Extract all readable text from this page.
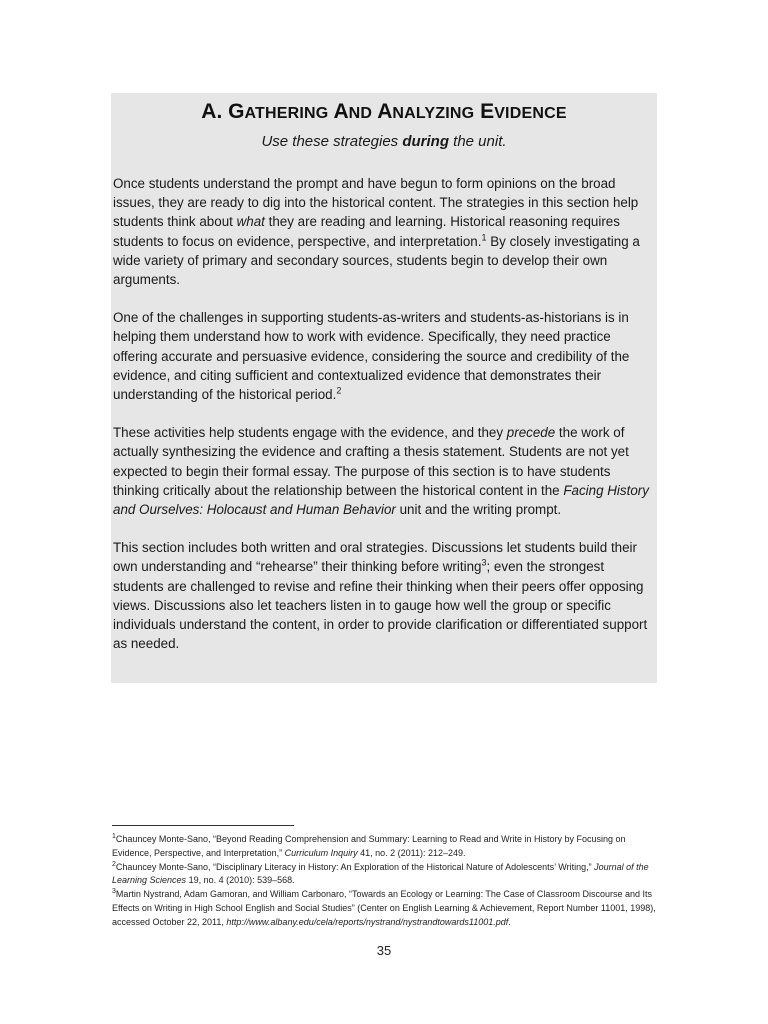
A. GATHERING AND ANALYZING EVIDENCE

Use these strategies during the unit.

Once students understand the prompt and have begun to form opinions on the broad issues, they are ready to dig into the historical content. The strategies in this section help students think about what they are reading and learning. Historical reasoning requires students to focus on evidence, perspective, and interpretation.$^1$ By closely investigating a wide variety of primary and secondary sources, students begin to develop their own arguments.

One of the challenges in supporting students-as-writers and students-as-historians is in helping them understand how to work with evidence. Specifically, they need practice offering accurate and persuasive evidence, considering the source and credibility of the evidence, and citing sufficient and contextualized evidence that demonstrates their understanding of the historical period.$^2$

These activities help students engage with the evidence, and they precede the work of actually synthesizing the evidence and crafting a thesis statement. Students are not yet expected to begin their formal essay. The purpose of this section is to have students thinking critically about the relationship between the historical content in the Facing History and Ourselves: Holocaust and Human Behavior unit and the writing prompt.

This section includes both written and oral strategies. Discussions let students build their own understanding and “rehearse” their thinking before writing$^3$; even the strongest students are challenged to revise and refine their thinking when their peers offer opposing views. Discussions also let teachers listen in to gauge how well the group or specific individuals understand the content, in order to provide clarification or differentiated support as needed.

$^1$Chauncey Monte-Sano, “Beyond Reading Comprehension and Summary: Learning to Read and Write in History by Focusing on Evidence, Perspective, and Interpretation,” Curriculum Inquiry 41, no. 2 (2011): 212–249.

$^2$Chauncey Monte-Sano, “Disciplinary Literacy in History: An Exploration of the Historical Nature of Adolescents’ Writing,” Journal of the Learning Sciences 19, no. 4 (2010): 539–568.

$^3$Martin Nystrand, Adam Gamoran, and William Carbonaro, “Towards an Ecology or Learning: The Case of Classroom Discourse and Its Effects on Writing in High School English and Social Studies” (Center on English Learning & Achievement, Report Number 11001, 1998), accessed October 22, 2011, http://www.albany.edu/cela/reports/nystrand/nystrandtowards11001.pdf.

35
